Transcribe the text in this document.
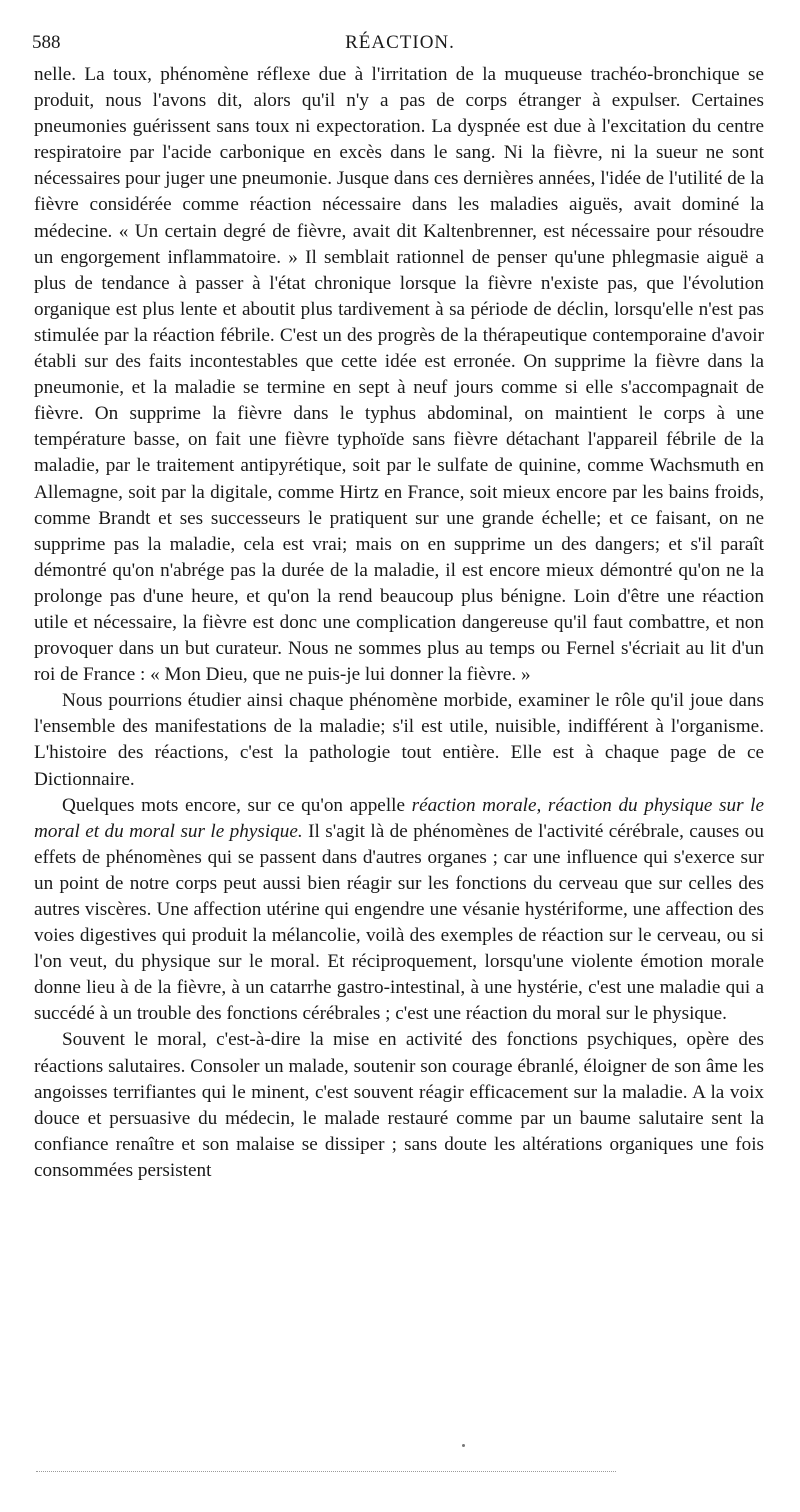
588	RÉACTION.

nelle. La toux, phénomène réflexe due à l'irritation de la muqueuse trachéo-bronchique se produit, nous l'avons dit, alors qu'il n'y a pas de corps étranger à expulser. Certaines pneumonies guérissent sans toux ni expectoration. La dyspnée est due à l'excitation du centre respiratoire par l'acide carbonique en excès dans le sang. Ni la fièvre, ni la sueur ne sont nécessaires pour juger une pneumonie. Jusque dans ces dernières années, l'idée de l'utilité de la fièvre considérée comme réaction nécessaire dans les maladies aiguës, avait dominé la médecine. « Un certain degré de fièvre, avait dit Kaltenbrenner, est nécessaire pour résoudre un engorgement inflammatoire. » Il semblait rationnel de penser qu'une phlegmasie aiguë a plus de tendance à passer à l'état chronique lorsque la fièvre n'existe pas, que l'évolution organique est plus lente et aboutit plus tardivement à sa période de déclin, lorsqu'elle n'est pas stimulée par la réaction fébrile. C'est un des progrès de la thérapeutique contemporaine d'avoir établi sur des faits incontestables que cette idée est erronée. On supprime la fièvre dans la pneumonie, et la maladie se termine en sept à neuf jours comme si elle s'accompagnait de fièvre. On supprime la fièvre dans le typhus abdominal, on maintient le corps à une température basse, on fait une fièvre typhoïde sans fièvre détachant l'appareil fébrile de la maladie, par le traitement antipyrétique, soit par le sulfate de quinine, comme Wachsmuth en Allemagne, soit par la digitale, comme Hirtz en France, soit mieux encore par les bains froids, comme Brandt et ses successeurs le pratiquent sur une grande échelle; et ce faisant, on ne supprime pas la maladie, cela est vrai; mais on en supprime un des dangers; et s'il paraît démontré qu'on n'abrége pas la durée de la maladie, il est encore mieux démontré qu'on ne la prolonge pas d'une heure, et qu'on la rend beaucoup plus bénigne. Loin d'être une réaction utile et nécessaire, la fièvre est donc une complication dangereuse qu'il faut combattre, et non provoquer dans un but curateur. Nous ne sommes plus au temps ou Fernel s'écriait au lit d'un roi de France : « Mon Dieu, que ne puis-je lui donner la fièvre. »

Nous pourrions étudier ainsi chaque phénomène morbide, examiner le rôle qu'il joue dans l'ensemble des manifestations de la maladie; s'il est utile, nuisible, indifférent à l'organisme. L'histoire des réactions, c'est la pathologie tout entière. Elle est à chaque page de ce Dictionnaire.

Quelques mots encore, sur ce qu'on appelle réaction morale, réaction du physique sur le moral et du moral sur le physique. Il s'agit là de phénomènes de l'activité cérébrale, causes ou effets de phénomènes qui se passent dans d'autres organes ; car une influence qui s'exerce sur un point de notre corps peut aussi bien réagir sur les fonctions du cerveau que sur celles des autres viscères. Une affection utérine qui engendre une vésanie hystériforme, une affection des voies digestives qui produit la mélancolie, voilà des exemples de réaction sur le cerveau, ou si l'on veut, du physique sur le moral. Et réciproquement, lorsqu'une violente émotion morale donne lieu à de la fièvre, à un catarrhe gastro-intestinal, à une hystérie, c'est une maladie qui a succédé à un trouble des fonctions cérébrales ; c'est une réaction du moral sur le physique.

Souvent le moral, c'est-à-dire la mise en activité des fonctions psychiques, opère des réactions salutaires. Consoler un malade, soutenir son courage ébranlé, éloigner de son âme les angoisses terrifiantes qui le minent, c'est souvent réagir efficacement sur la maladie. A la voix douce et persuasive du médecin, le malade restauré comme par un baume salutaire sent la confiance renaître et son malaise se dissiper ; sans doute les altérations organiques une fois consommées persistent
